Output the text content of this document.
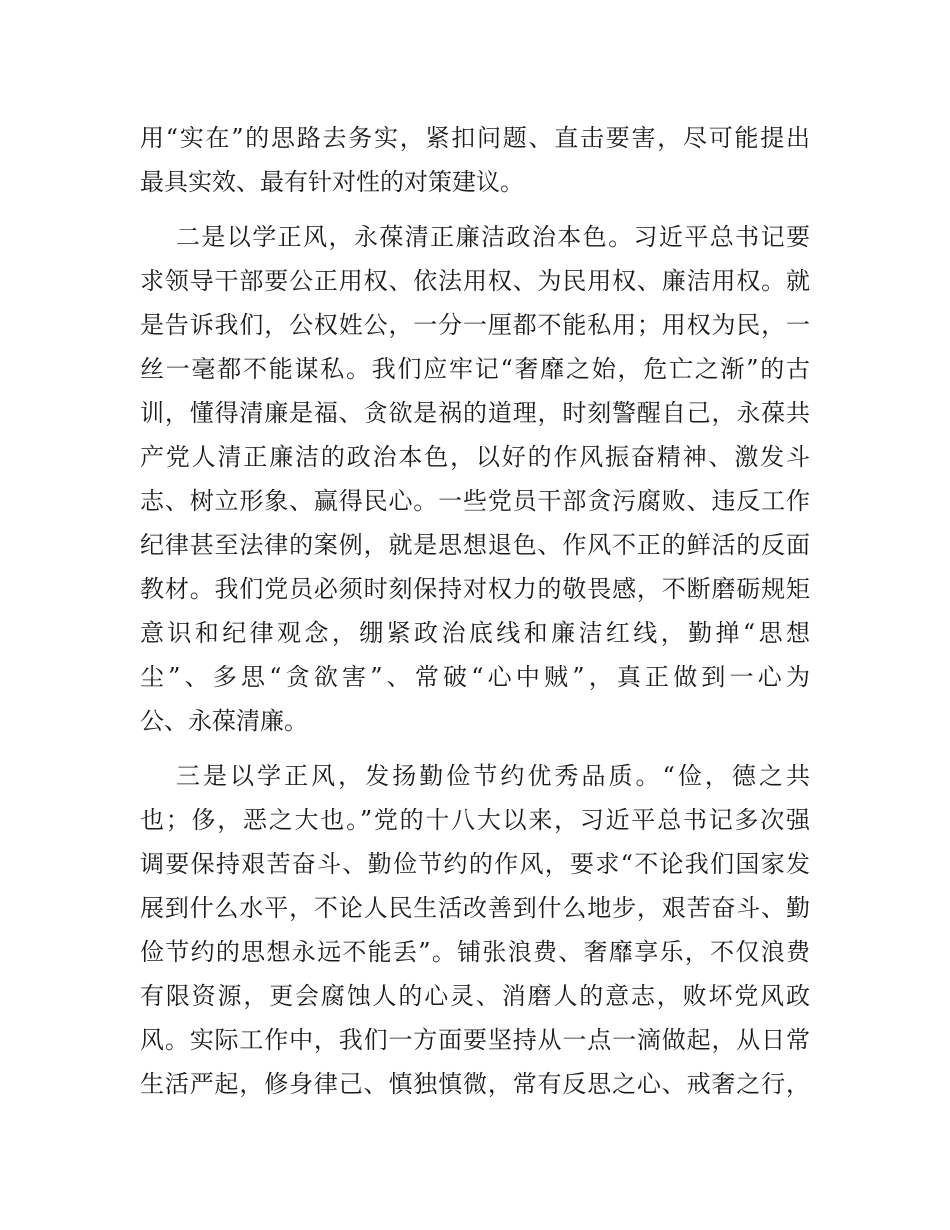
用“实在”的思路去务实，紧扣问题、直击要害，尽可能提出
最具实效、最有针对性的对策建议。
二是以学正风，永葆清正廉洁政治本色。习近平总书记要
求领导干部要公正用权、依法用权、为民用权、廉洁用权。就
是告诉我们，公权姓公，一分一厘都不能私用；用权为民，一
丝一毫都不能谋私。我们应牢记“奢靡之始，危亡之渐”的古
训，懂得清廉是福、贪欲是祸的道理，时刻警醒自己，永葆共
产党人清正廉洁的政治本色，以好的作风振奋精神、激发斗
志、树立形象、赢得民心。一些党员干部贪污腐败、违反工作
纪律甚至法律的案例，就是思想退色、作风不正的鲜活的反面
教材。我们党员必须时刻保持对权力的敬畏感，不断磨砺规矩
意识和纪律观念，绷紧政治底线和廉洁红线，勤掸“思想
尘”、多思“贪欲害”、常破“心中贼”，真正做到一心为
公、永葆清廉。
三是以学正风，发扬勤俭节约优秀品质。“俭，德之共
也；侈，恶之大也。”党的十八大以来，习近平总书记多次强
调要保持艰苦奋斗、勤俭节约的作风，要求“不论我们国家发
展到什么水平，不论人民生活改善到什么地步，艰苦奋斗、勤
俭节约的思想永远不能丢”。铺张浪费、奢靡享乐，不仅浪费
有限资源，更会腐蚀人的心灵、消磨人的意志，败坏党风政
风。实际工作中，我们一方面要坚持从一点一滴做起，从日常
生活严起，修身律己、慎独慎微，常有反思之心、戒奢之行，
